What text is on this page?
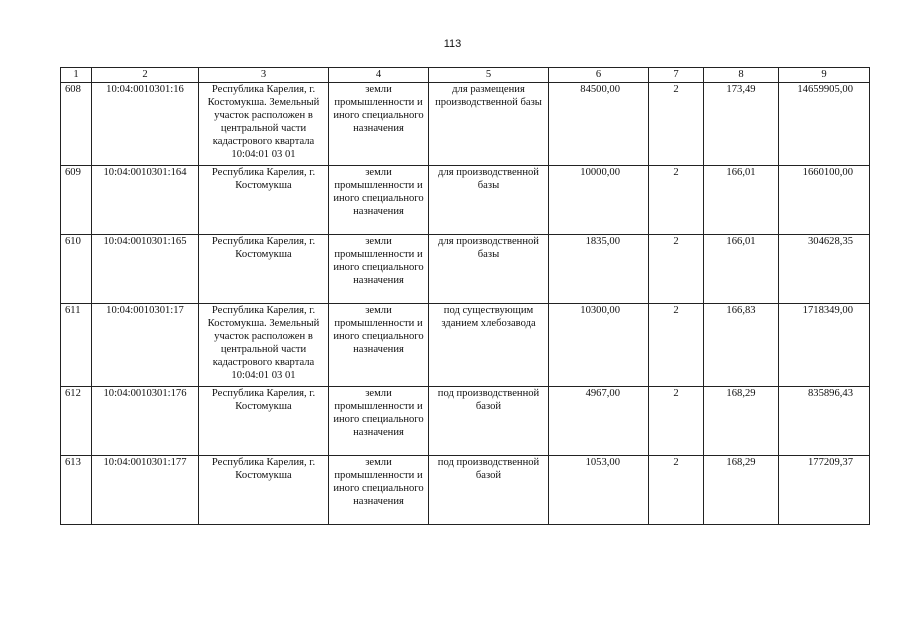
113
1	2	3	4	5	6	7	8	9
608	10:04:0010301:16	Республика Карелия, г. Костомукша. Земельный участок расположен в центральной части кадастрового квартала 10:04:01 03 01	земли промышленности и иного специального назначения	для размещения производственной базы	84500,00	2	173,49	14659905,00
609	10:04:0010301:164	Республика Карелия, г. Костомукша	земли промышленности и иного специального назначения	для производственной базы	10000,00	2	166,01	1660100,00
610	10:04:0010301:165	Республика Карелия, г. Костомукша	земли промышленности и иного специального назначения	для производственной базы	1835,00	2	166,01	304628,35
611	10:04:0010301:17	Республика Карелия, г. Костомукша. Земельный участок расположен в центральной части кадастрового квартала 10:04:01 03 01	земли промышленности и иного специального назначения	под существующим зданием хлебозавода	10300,00	2	166,83	1718349,00
612	10:04:0010301:176	Республика Карелия, г. Костомукша	земли промышленности и иного специального назначения	под производственной базой	4967,00	2	168,29	835896,43
613	10:04:0010301:177	Республика Карелия, г. Костомукша	земли промышленности и иного специального назначения	под производственной базой	1053,00	2	168,29	177209,37
